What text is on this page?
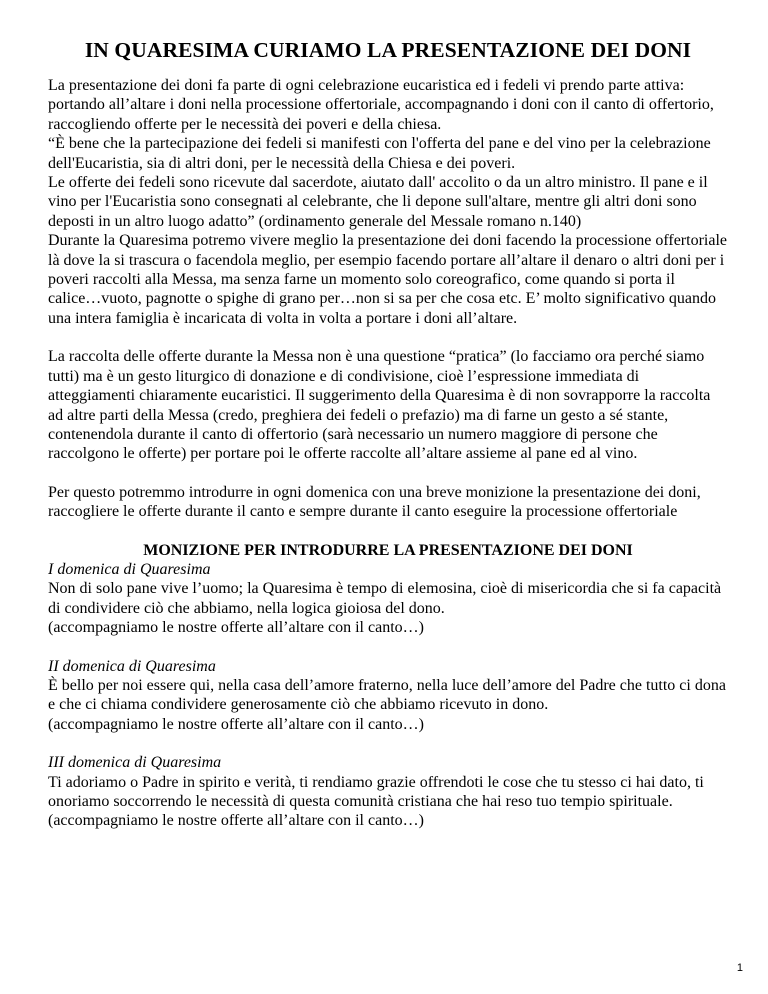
IN QUARESIMA CURIAMO LA PRESENTAZIONE DEI DONI

La presentazione dei doni fa parte di ogni celebrazione eucaristica ed i fedeli vi prendo parte attiva: portando all’altare i doni nella processione offertoriale, accompagnando i doni con il canto di offertorio, raccogliendo offerte per le necessità dei poveri e della chiesa.

“È bene che la partecipazione dei fedeli si manifesti con l'offerta del pane e del vino per la celebrazione dell'Eucaristia, sia di altri doni, per le necessità della Chiesa e dei poveri.

Le offerte dei fedeli sono ricevute dal sacerdote, aiutato dall' accolito o da un altro ministro. Il pane e il vino per l'Eucaristia sono consegnati al celebrante, che li depone sull'altare, mentre gli altri doni sono deposti in un altro luogo adatto” (ordinamento generale del Messale romano n.140)

Durante la Quaresima potremo vivere meglio la presentazione dei doni facendo la processione offertoriale là dove la si trascura o facendola meglio, per esempio facendo portare all’altare il denaro o altri doni per i poveri raccolti alla Messa, ma senza farne un momento solo coreografico, come quando si porta il calice…vuoto, pagnotte o spighe di grano per…non si sa per che cosa etc. E’ molto significativo quando una intera famiglia è incaricata di volta in volta a portare i doni all’altare.

La raccolta delle offerte durante la Messa non è una questione “pratica” (lo facciamo ora perché siamo tutti) ma è un gesto liturgico di donazione e di condivisione, cioè l’espressione immediata di atteggiamenti chiaramente eucaristici. Il suggerimento della Quaresima è di non sovrapporre la raccolta ad altre parti della Messa (credo, preghiera dei fedeli o prefazio) ma di farne un gesto a sé stante, contenendola durante il canto di offertorio (sarà necessario un numero maggiore di persone che raccolgono le offerte) per portare poi le offerte raccolte all’altare assieme al pane ed al vino.

Per questo potremmo introdurre in ogni domenica con una breve monizione la presentazione dei doni, raccogliere le offerte durante il canto e sempre durante il canto eseguire la processione offertoriale

MONIZIONE PER INTRODURRE LA PRESENTAZIONE DEI DONI

I domenica di Quaresima

Non di solo pane vive l’uomo; la Quaresima è tempo di elemosina, cioè di misericordia che si fa capacità di condividere ciò che abbiamo, nella logica gioiosa del dono.

(accompagniamo le nostre offerte all’altare con il canto…)

II domenica di Quaresima

È bello per noi essere qui, nella casa dell’amore fraterno, nella luce dell’amore del Padre che tutto ci dona e che ci chiama condividere generosamente ciò che abbiamo ricevuto in dono.

(accompagniamo le nostre offerte all’altare con il canto…)

III domenica di Quaresima

Ti adoriamo o Padre in spirito e verità, ti rendiamo grazie offrendoti le cose che tu stesso ci hai dato, ti onoriamo soccorrendo le necessità di questa comunità cristiana che hai reso tuo tempio spirituale. (accompagniamo le nostre offerte all’altare con il canto…)

1
